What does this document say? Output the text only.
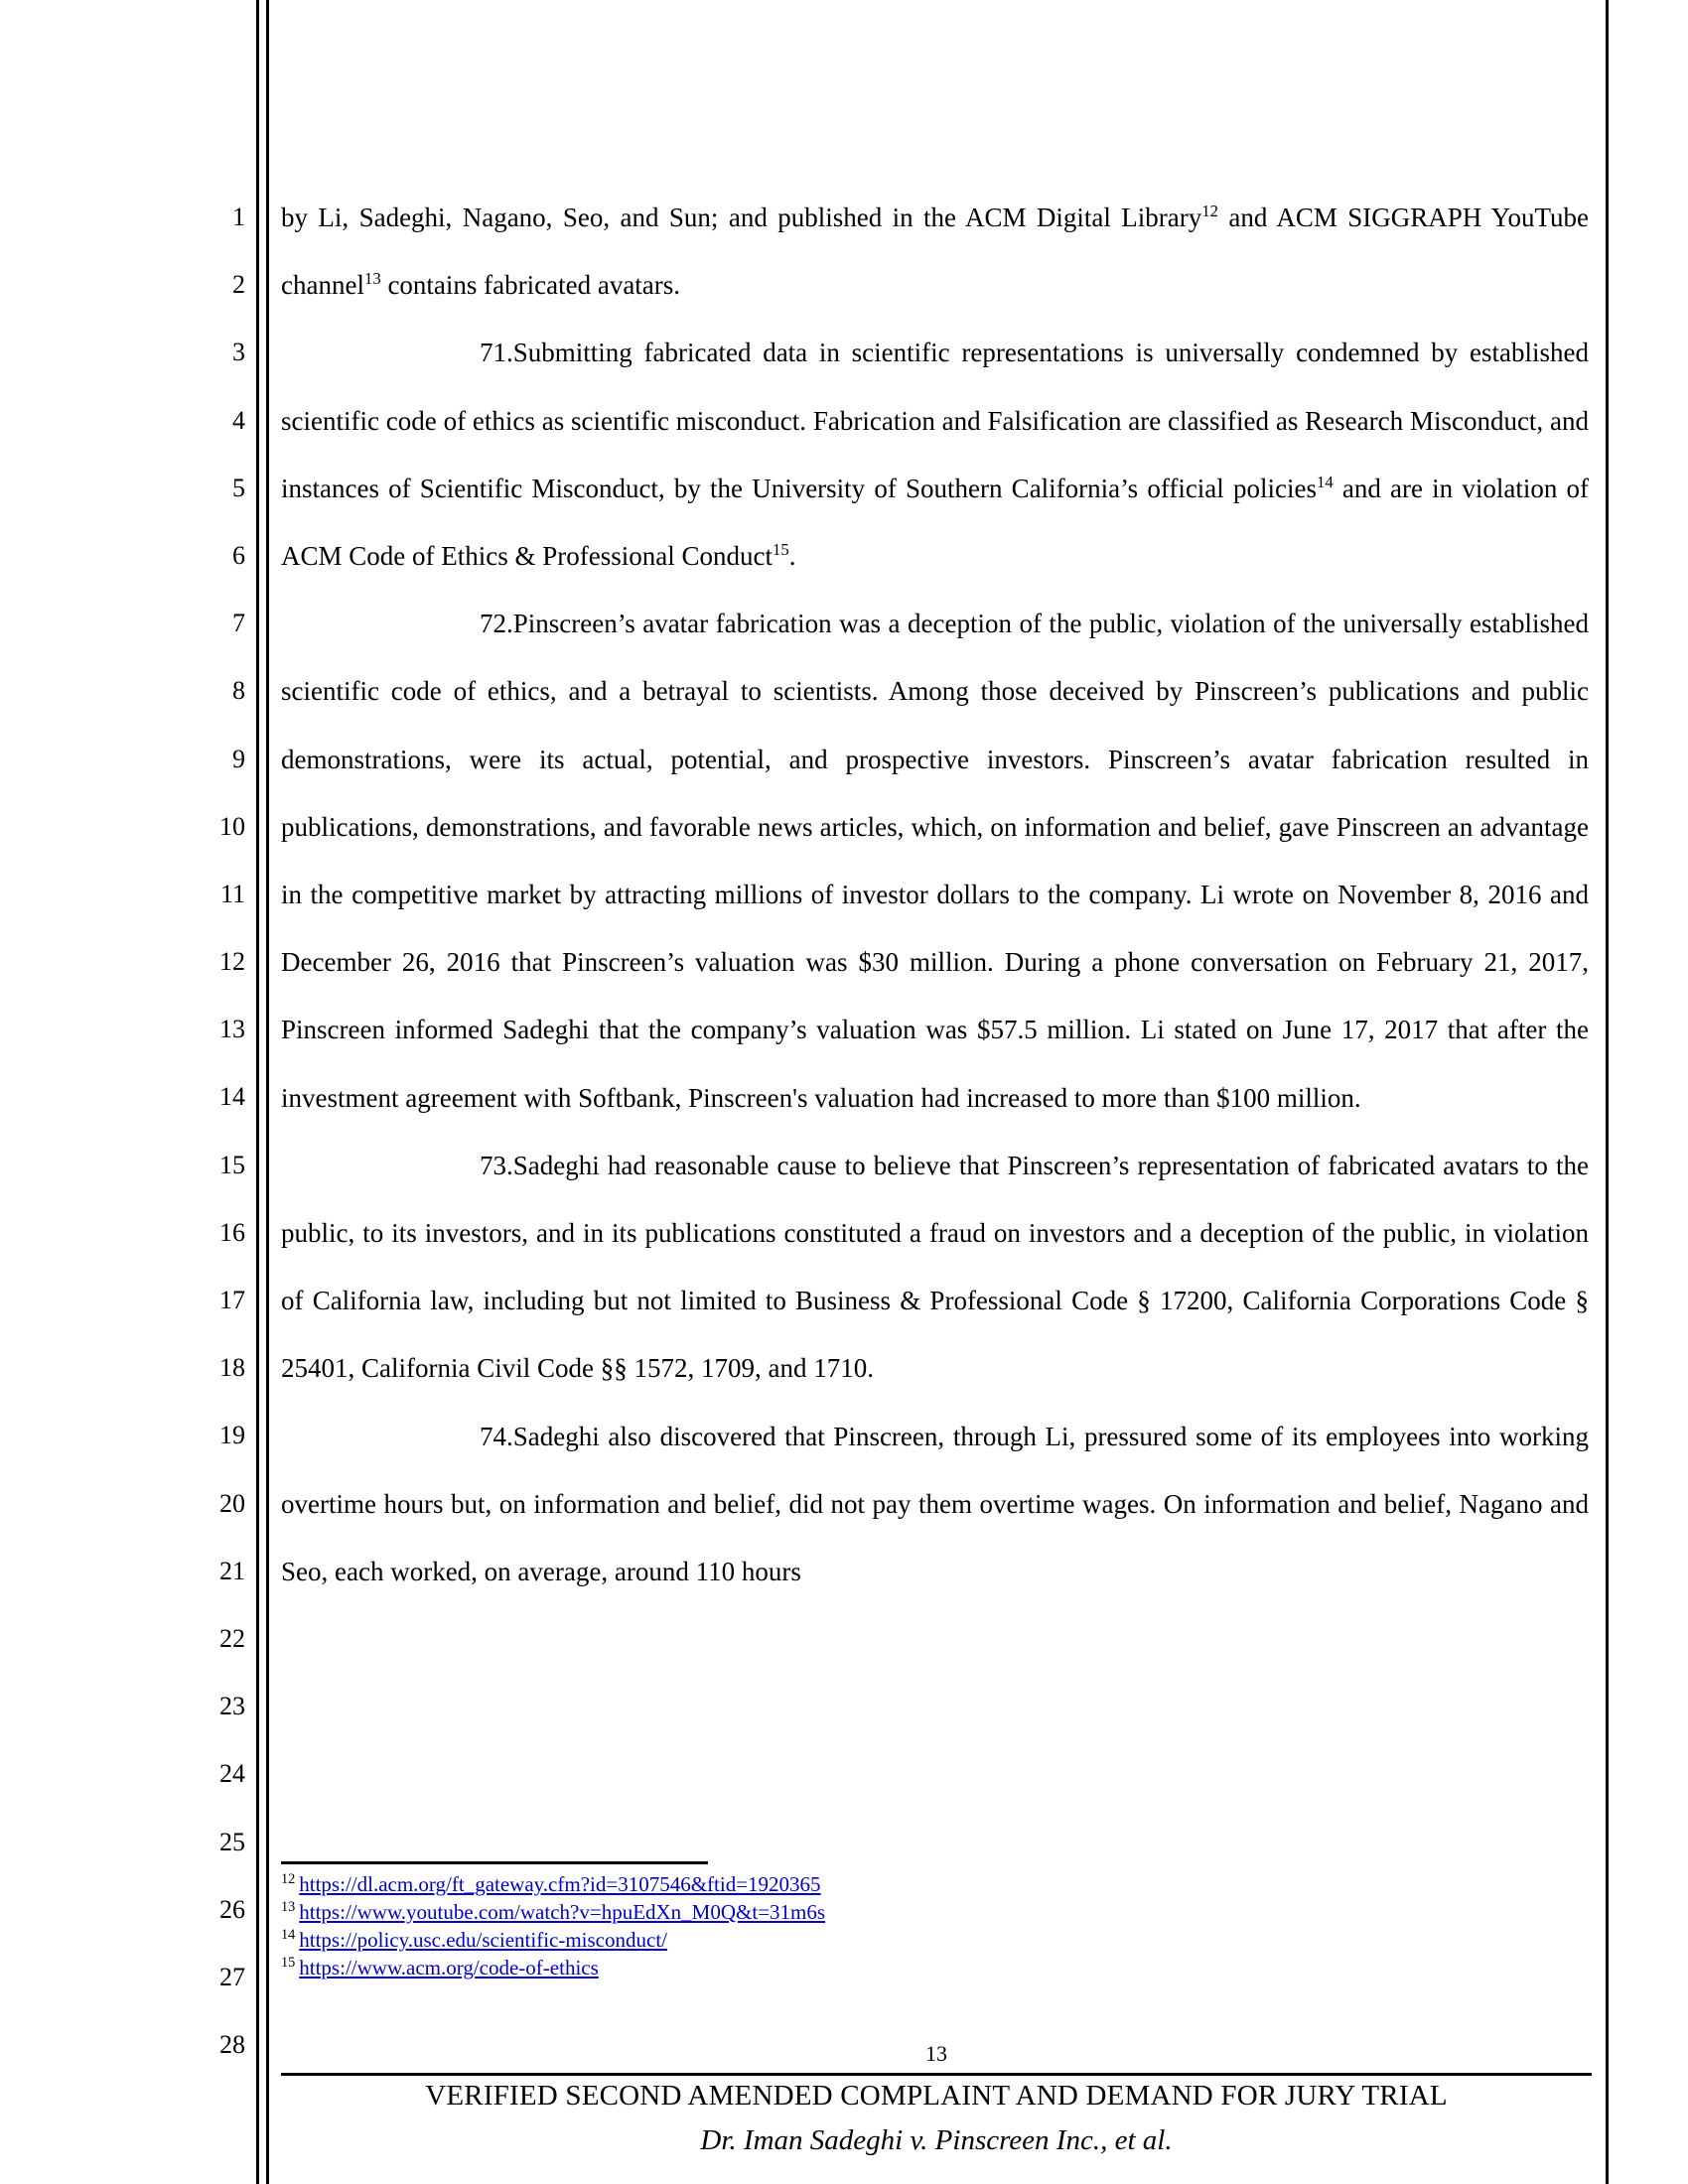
1
2
3
4
5
6
7
8
9
10
11
12
13
14
15
16
17
18
19
20
21
22
23
24
25
26
27
28

by Li, Sadeghi, Nagano, Seo, and Sun; and published in the ACM Digital Library$^{12}$ and ACM SIGGRAPH YouTube channel$^{13}$ contains fabricated avatars.

71.Submitting fabricated data in scientific representations is universally condemned by established scientific code of ethics as scientific misconduct. Fabrication and Falsification are classified as Research Misconduct, and instances of Scientific Misconduct, by the University of Southern California’s official policies$^{14}$ and are in violation of ACM Code of Ethics & Professional Conduct$^{15}$.

72.Pinscreen’s avatar fabrication was a deception of the public, violation of the universally established scientific code of ethics, and a betrayal to scientists. Among those deceived by Pinscreen’s publications and public demonstrations, were its actual, potential, and prospective investors. Pinscreen’s avatar fabrication resulted in publications, demonstrations, and favorable news articles, which, on information and belief, gave Pinscreen an advantage in the competitive market by attracting millions of investor dollars to the company. Li wrote on November 8, 2016 and December 26, 2016 that Pinscreen’s valuation was $30 million. During a phone conversation on February 21, 2017, Pinscreen informed Sadeghi that the company’s valuation was $57.5 million. Li stated on June 17, 2017 that after the investment agreement with Softbank, Pinscreen's valuation had increased to more than $100 million.

73.Sadeghi had reasonable cause to believe that Pinscreen’s representation of fabricated avatars to the public, to its investors, and in its publications constituted a fraud on investors and a deception of the public, in violation of California law, including but not limited to Business & Professional Code § 17200, California Corporations Code § 25401, California Civil Code §§ 1572, 1709, and 1710.

74.Sadeghi also discovered that Pinscreen, through Li, pressured some of its employees into working overtime hours but, on information and belief, did not pay them overtime wages. On information and belief, Nagano and Seo, each worked, on average, around 110 hours

$^{12}$ https://dl.acm.org/ft_gateway.cfm?id=3107546&ftid=1920365
$^{13}$ https://www.youtube.com/watch?v=hpuEdXn_M0Q&t=31m6s
$^{14}$ https://policy.usc.edu/scientific-misconduct/
$^{15}$ https://www.acm.org/code-of-ethics
13
VERIFIED SECOND AMENDED COMPLAINT AND DEMAND FOR JURY TRIAL
Dr. Iman Sadeghi v. Pinscreen Inc., et al.
